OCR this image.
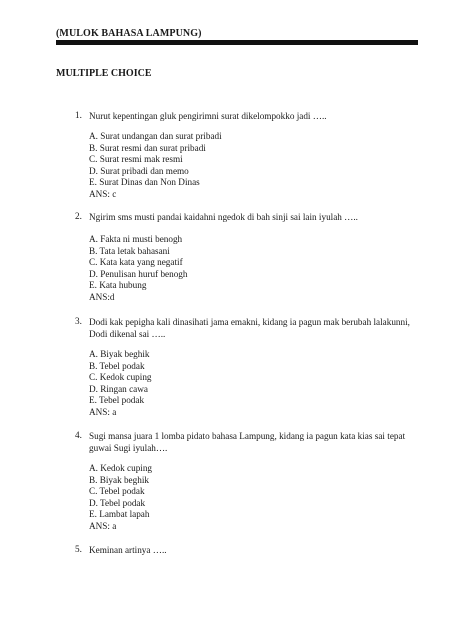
(MULOK BAHASA LAMPUNG)
MULTIPLE CHOICE
1. Nurut kepentingan gluk pengirimni surat dikelompokko jadi …..
A. Surat undangan dan surat pribadi
B. Surat resmi dan surat pribadi
C. Surat resmi mak resmi
D. Surat pribadi dan memo
E. Surat Dinas dan Non Dinas
ANS: c
2. Ngirim sms musti pandai kaidahni ngedok di bah sinji sai lain iyulah …..
A. Fakta ni musti benogh
B. Tata letak bahasani
C. Kata kata yang negatif
D. Penulisan huruf benogh
E. Kata hubung
ANS:d
3. Dodi kak pepigha kali dinasihati jama emakni, kidang ia pagun mak berubah lalakunni, Dodi dikenal sai …..
A. Biyak beghik
B. Tebel podak
C. Kedok cuping
D. Ringan cawa
E. Tebel podak
ANS: a
4. Sugi mansa juara 1 lomba pidato bahasa Lampung, kidang ia pagun kata kias sai tepat guwai Sugi iyulah….
A. Kedok cuping
B. Biyak beghik
C. Tebel podak
D. Tebel podak
E. Lambat lapah
ANS: a
5. Keminan artinya …..
